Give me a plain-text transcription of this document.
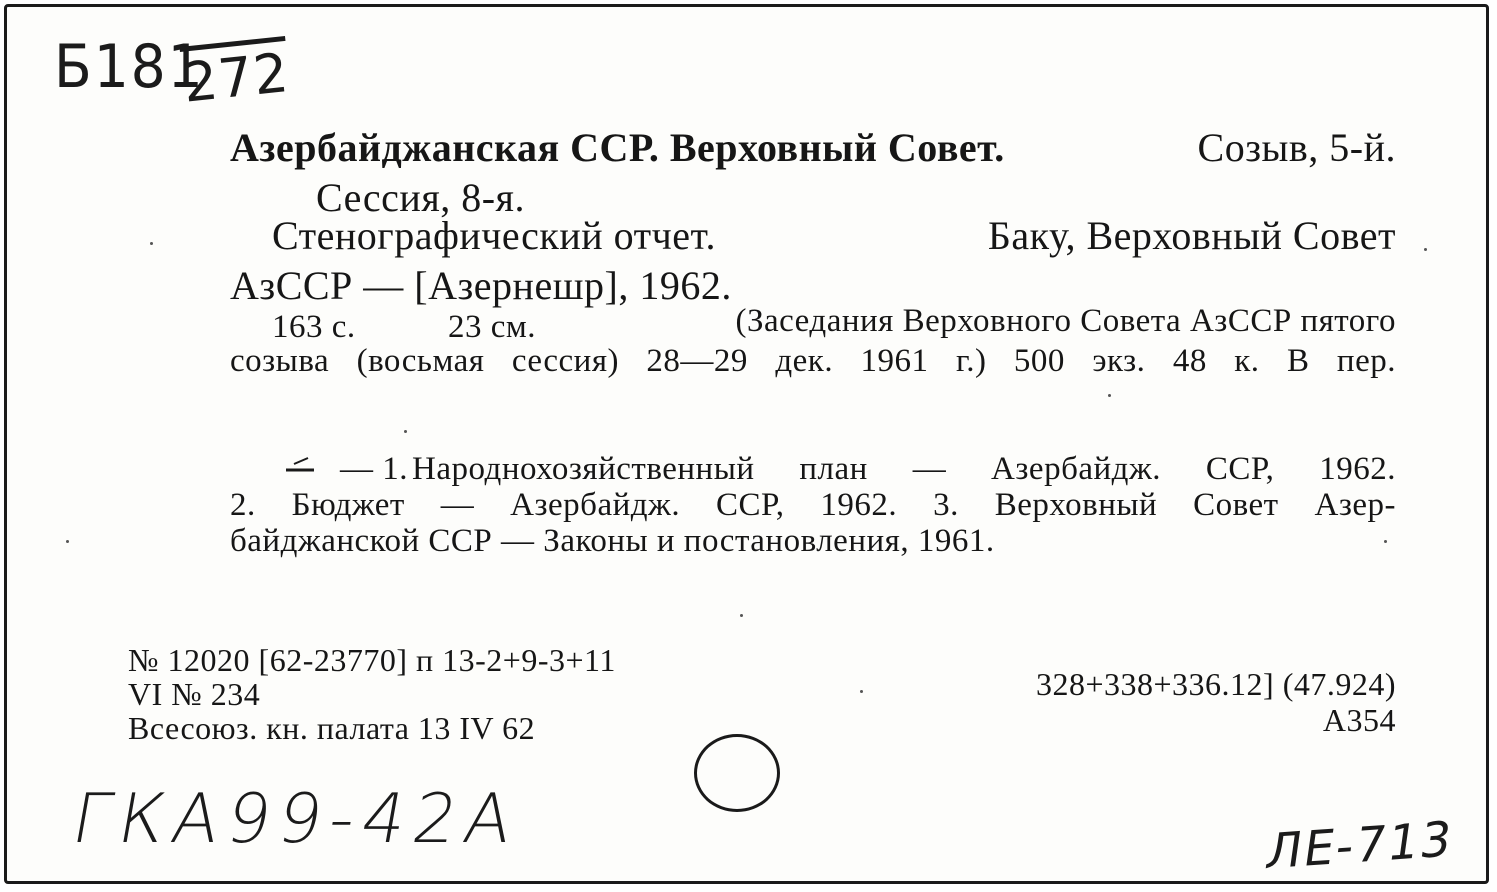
Б181
272
ГКА99-42А	ЛЕ-713
Азербайджанская ССР. Верховный Совет.	Созыв, 5-й.
Сессия, 8-я.
Стенографический отчет.	Баку, Верховный Совет
АзССР — [Азернешр], 1962.
163 с.	23 см.	(Заседания Верховного Совета АзССР пятого
созыва (восьмая сессия) 28—29 дек. 1961 г.) 500 экз. 48 к. В пер.
— 1. Народнохозяйственный план — Азербайдж. ССР, 1962.
2. Бюджет — Азербайдж. ССР, 1962. 3. Верховный Совет Азер-
байджанской ССР — Законы и постановления, 1961.
№ 12020 [62-23770] п 13-2+9-3+11
VI № 234
Всесоюз. кн. палата 13 IV 62
328+338+336.12] (47.924)
А354
